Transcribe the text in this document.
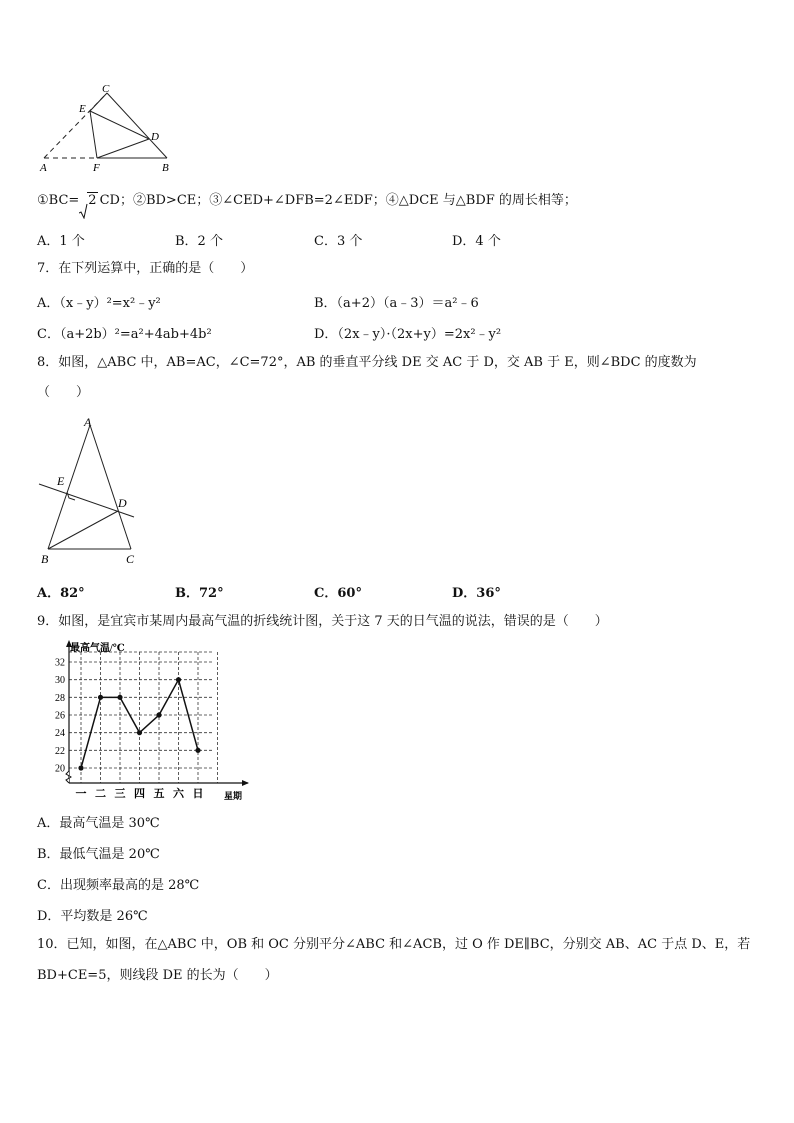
C
E
D
A	F	B
①BC= 2 CD；②BD>CE；③∠CED+∠DFB=2∠EDF；④△DCE 与△BDF 的周长相等；
A．1 个	B．2 个	C．3 个	D．4 个
7．在下列运算中，正确的是（　　）
A．（x﹣y）²=x²﹣y²	B．（a+2）（a﹣3）＝a²﹣6
C．（a+2b）²=a²+4ab+4b²	D．（2x﹣y）·（2x+y）=2x²﹣y²
8．如图，△ABC 中，AB=AC，∠C=72°，AB 的垂直平分线 DE 交 AC 于 D，交 AB 于 E，则∠BDC 的度数为
（　　）
A
E
D
B	C
A．82°	B．72°	C．60°	D．36°
9．如图，是宜宾市某周内最高气温的折线统计图，关于这 7 天的日气温的说法，错误的是（　　）
20
22
24
26
28
30
32
一 二 三 四 五 六 日
最高气温/℃
星期
A．最高气温是 30℃
B．最低气温是 20℃
C．出现频率最高的是 28℃
D．平均数是 26℃
10．已知，如图，在△ABC 中，OB 和 OC 分别平分∠ABC 和∠ACB，过 O 作 DE∥BC，分别交 AB、AC 于点 D、E，若
BD+CE=5，则线段 DE 的长为（　　）
